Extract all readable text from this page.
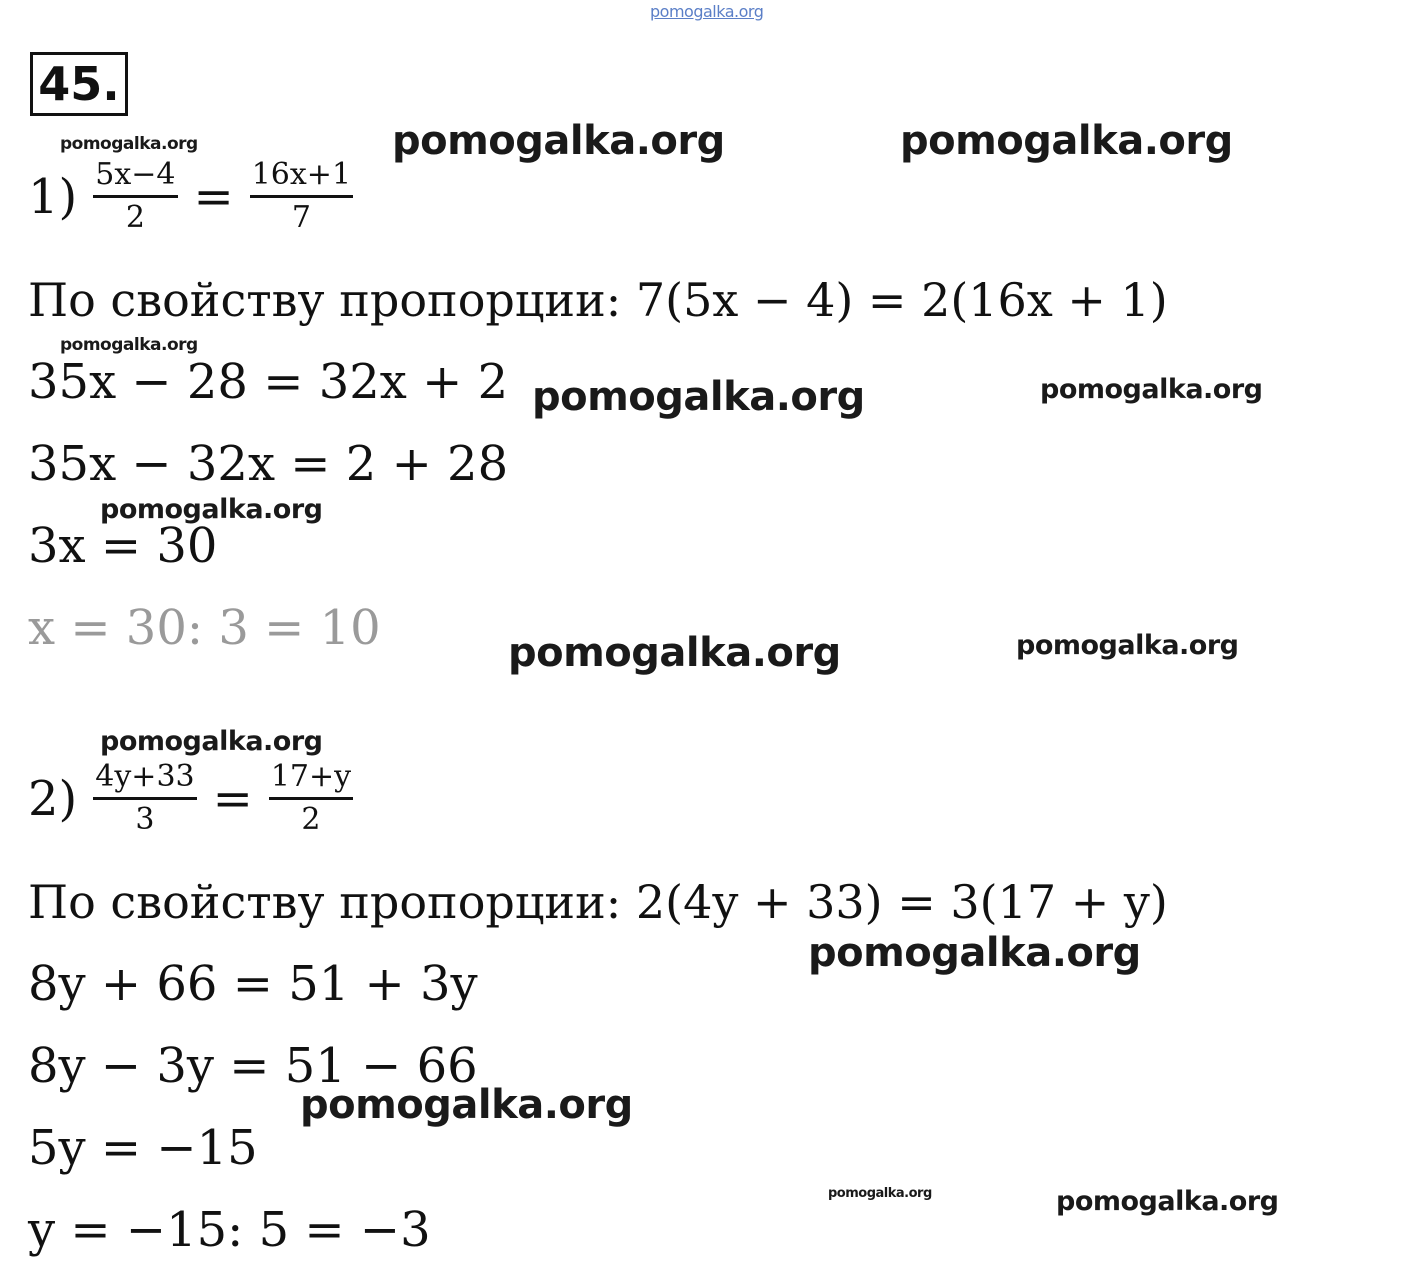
pomogalka.org
pomogalka.org	pomogalka.org	pomogalka.org
pomogalka.org
pomogalka.org	pomogalka.org
pomogalka.org
pomogalka.org	pomogalka.org
pomogalka.org
pomogalka.org
pomogalka.org
pomogalka.org	pomogalka.org
45.
$1) \frac{5x-4}{2} = \frac{16x+1}{7}$
По свойству пропорции: 7(5x − 4) = 2(16x + 1)
35x − 28 = 32x + 2
35x − 32x = 2 + 28
3x = 30
x = 30: 3 = 10
$2) \frac{4y+33}{3} = \frac{17+y}{2}$
По свойству пропорции: 2(4y + 33) = 3(17 + y)
8y + 66 = 51 + 3y
8y − 3y = 51 − 66
5y = −15
y = −15: 5 = −3
